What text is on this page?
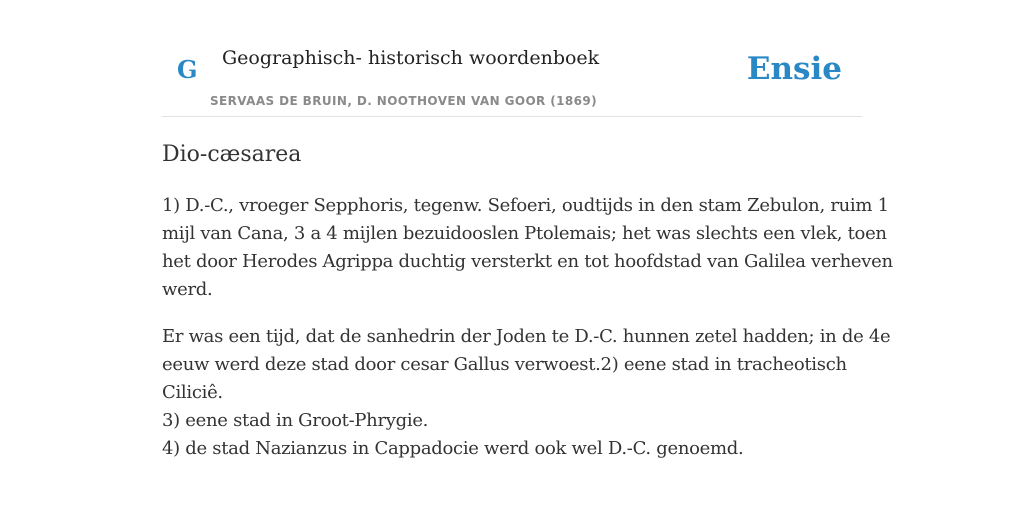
G Geographisch- historisch woordenboek
SERVAAS DE BRUIN, D. NOOTHOVEN VAN GOOR (1869)
Ensie
Dio-cæsarea

1) D.-C., vroeger Sepphoris, tegenw. Sefoeri, oudtijds in den stam Zebulon, ruim 1
mijl van Cana, 3 a 4 mijlen bezuidooslen Ptolemais; het was slechts een vlek, toen
het door Herodes Agrippa duchtig versterkt en tot hoofdstad van Galilea verheven
werd.

Er was een tijd, dat de sanhedrin der Joden te D.-C. hunnen zetel hadden; in de 4e
eeuw werd deze stad door cesar Gallus verwoest.2) eene stad in tracheotisch
Ciliciê.
3) eene stad in Groot-Phrygie.
4) de stad Nazianzus in Cappadocie werd ook wel D.-C. genoemd.
